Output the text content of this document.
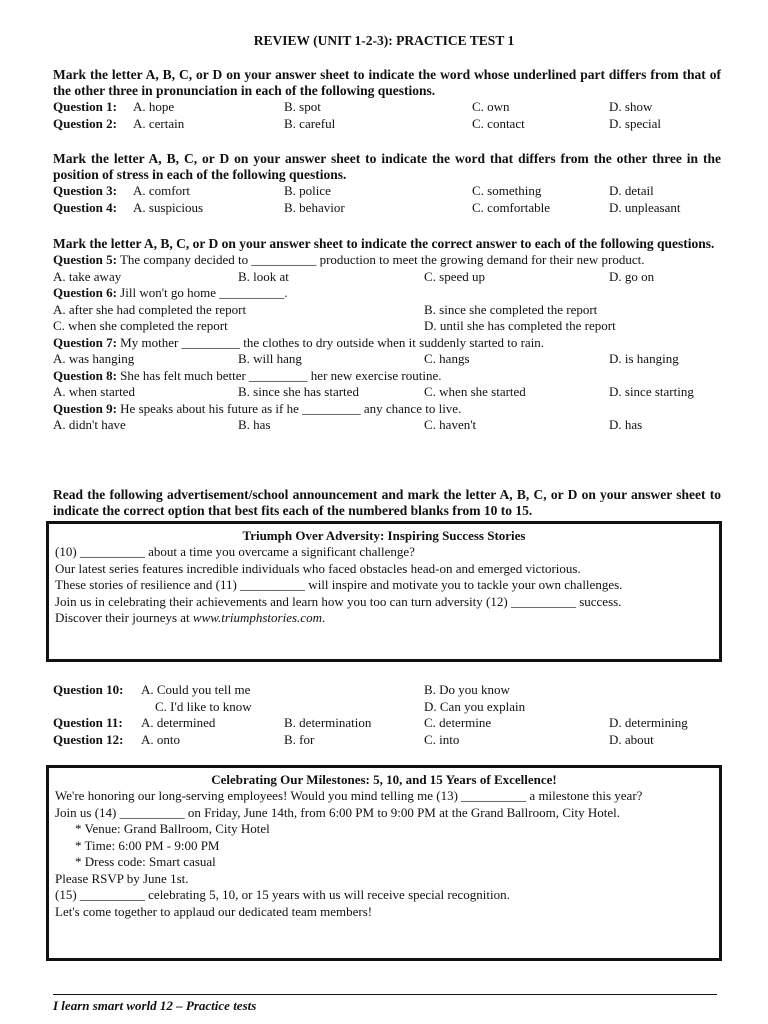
REVIEW (UNIT 1-2-3): PRACTICE TEST 1
Mark the letter A, B, C, or D on your answer sheet to indicate the word whose underlined part differs from that of the other three in pronunciation in each of the following questions.
Question 1: A. hope	B. spot	C. own	D. show
Question 2: A. certain	B. careful	C. contact	D. special
Mark the letter A, B, C, or D on your answer sheet to indicate the word that differs from the other three in the position of stress in each of the following questions.
Question 3: A. comfort	B. police	C. something	D. detail
Question 4: A. suspicious	B. behavior	C. comfortable	D. unpleasant
Mark the letter A, B, C, or D on your answer sheet to indicate the correct answer to each of the following questions.
Question 5: The company decided to __________ production to meet the growing demand for their new product.
A. take away	B. look at	C. speed up	D. go on
Question 6: Jill won't go home __________.
A. after she had completed the report	B. since she completed the report
C. when she completed the report	D. until she has completed the report
Question 7: My mother _________ the clothes to dry outside when it suddenly started to rain.
A. was hanging	B. will hang	C. hangs	D. is hanging
Question 8: She has felt much better _________ her new exercise routine.
A. when started	B. since she has started	C. when she started	D. since starting
Question 9: He speaks about his future as if he _________ any chance to live.
A. didn't have	B. has	C. haven't	D. has
Read the following advertisement/school announcement and mark the letter A, B, C, or D on your answer sheet to indicate the correct option that best fits each of the numbered blanks from 10 to 15.
Triumph Over Adversity: Inspiring Success Stories

(10) __________ about a time you overcame a significant challenge?

Our latest series features incredible individuals who faced obstacles head-on and emerged victorious.

These stories of resilience and (11) __________ will inspire and motivate you to tackle your own challenges.

Join us in celebrating their achievements and learn how you too can turn adversity (12) __________ success.

Discover their journeys at www.triumphstories.com.

Question 10: A. Could you tell me	B. Do you know
C. I'd like to know	D. Can you explain
Question 11: A. determined	B. determination	C. determine	D. determining
Question 12: A. onto	B. for	C. into	D. about
Celebrating Our Milestones: 5, 10, and 15 Years of Excellence!

We're honoring our long-serving employees! Would you mind telling me (13) __________ a milestone this year?

Join us (14) __________ on Friday, June 14th, from 6:00 PM to 9:00 PM at the Grand Ballroom, City Hotel.

* Venue: Grand Ballroom, City Hotel

* Time: 6:00 PM - 9:00 PM

* Dress code: Smart casual

Please RSVP by June 1st.

(15) __________ celebrating 5, 10, or 15 years with us will receive special recognition.

Let's come together to applaud our dedicated team members!

I learn smart world 12 – Practice tests
